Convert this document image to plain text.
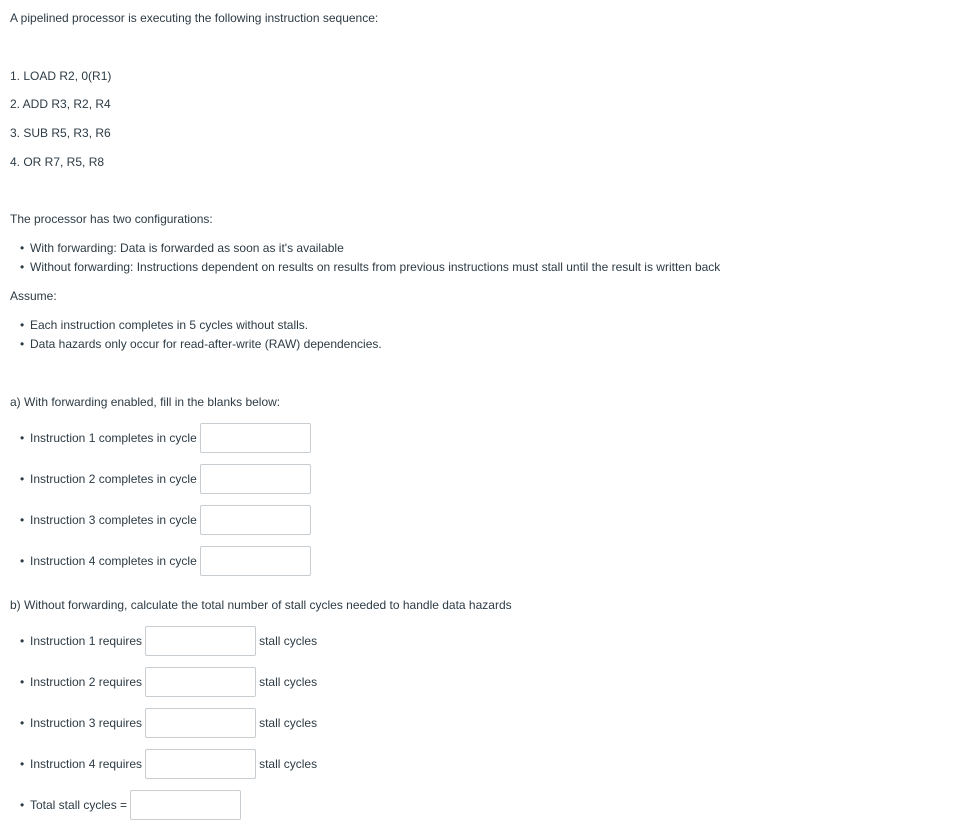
A pipelined processor is executing the following instruction sequence:
1. LOAD R2, 0(R1)
2. ADD R3, R2, R4
3. SUB R5, R3, R6
4. OR R7, R5, R8
The processor has two configurations:
• With forwarding: Data is forwarded as soon as it's available
• Without forwarding: Instructions dependent on results on results from previous instructions must stall until the result is written back
Assume:
• Each instruction completes in 5 cycles without stalls.
• Data hazards only occur for read-after-write (RAW) dependencies.
a) With forwarding enabled, fill in the blanks below:
• Instruction 1 completes in cycle
• Instruction 2 completes in cycle
• Instruction 3 completes in cycle
• Instruction 4 completes in cycle
b) Without forwarding, calculate the total number of stall cycles needed to handle data hazards
• Instruction 1 requires	stall cycles
• Instruction 2 requires	stall cycles
• Instruction 3 requires	stall cycles
• Instruction 4 requires	stall cycles
• Total stall cycles =
